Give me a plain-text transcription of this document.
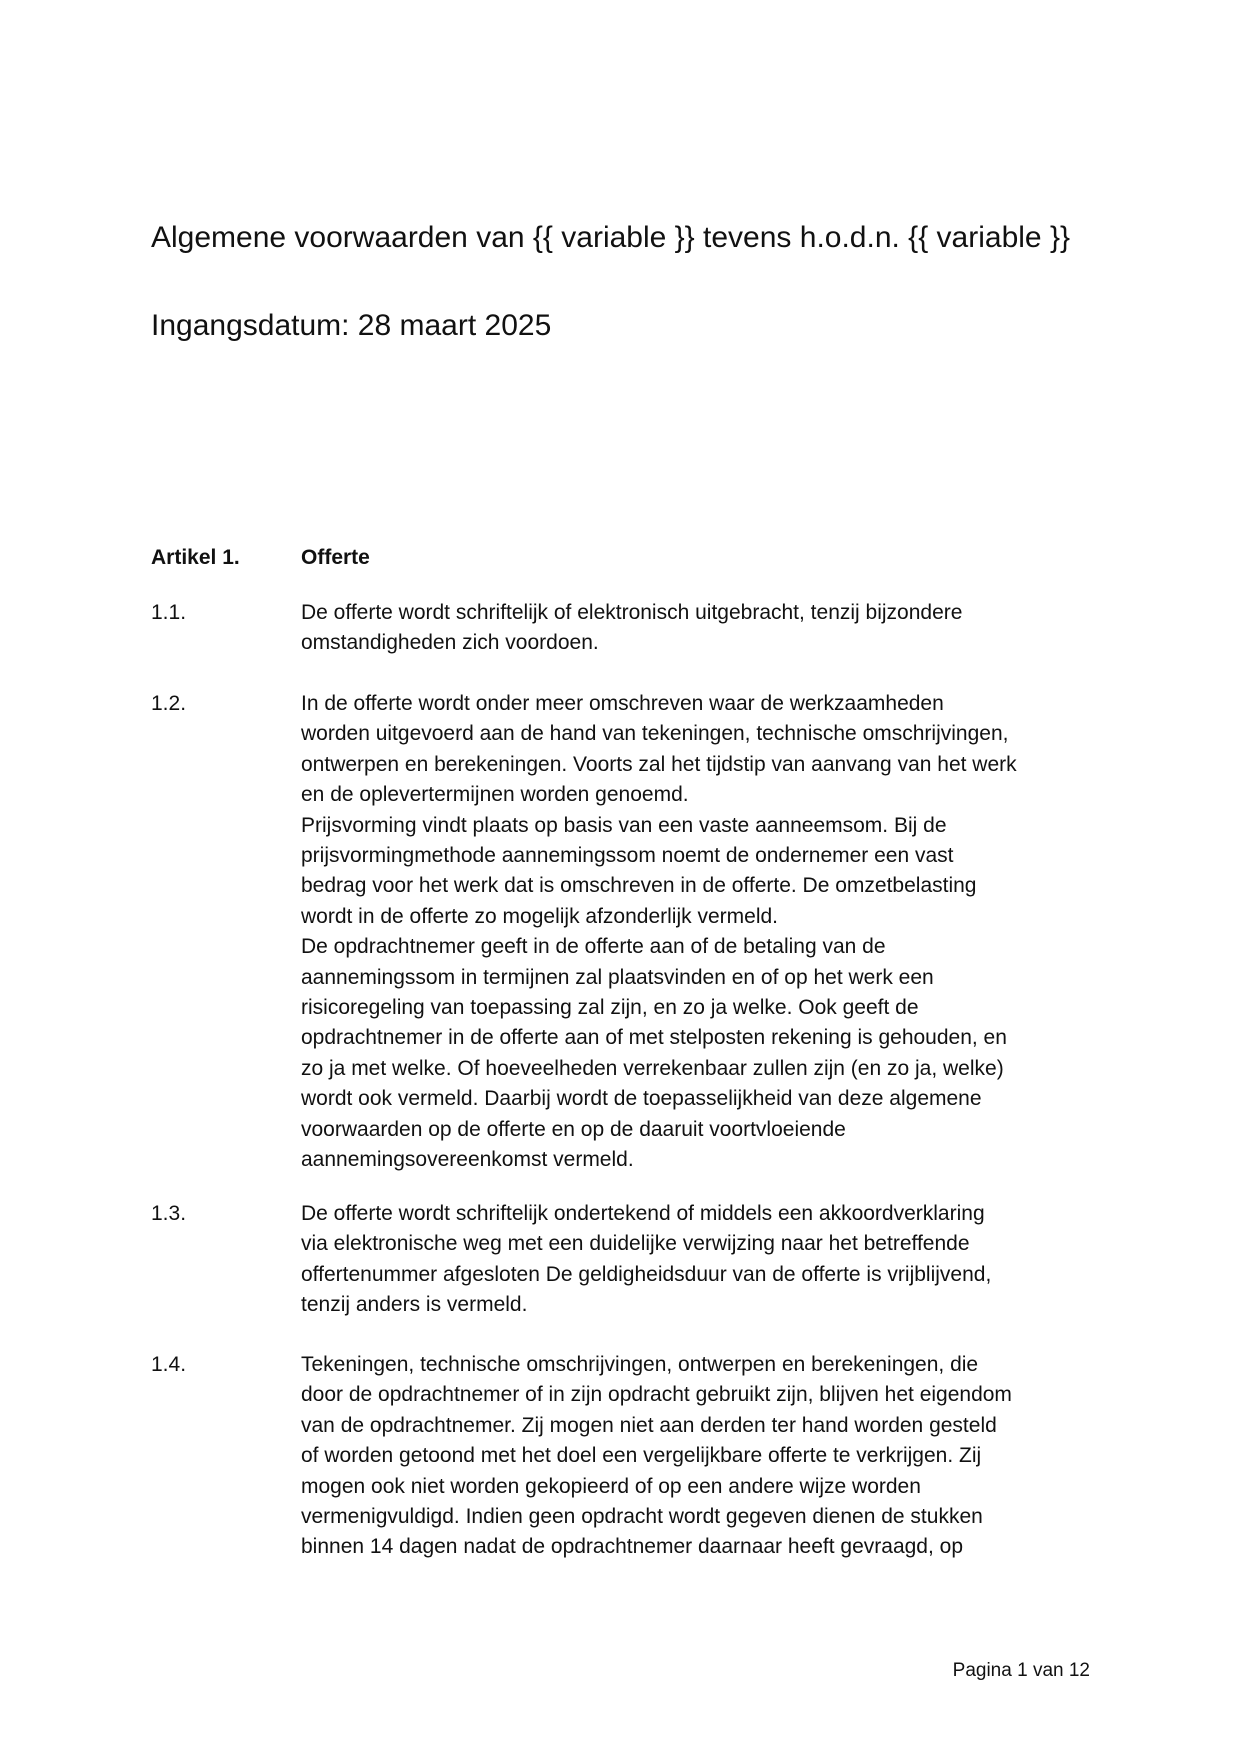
Algemene voorwaarden van {{ variable }} tevens h.o.d.n. {{ variable }}
Ingangsdatum: 28 maart 2025
Artikel 1.	Offerte
1.1.	De offerte wordt schriftelijk of elektronisch uitgebracht, tenzij bijzondere
omstandigheden zich voordoen.
1.2.	In de offerte wordt onder meer omschreven waar de werkzaamheden
worden uitgevoerd aan de hand van tekeningen, technische omschrijvingen,
ontwerpen en berekeningen. Voorts zal het tijdstip van aanvang van het werk
en de oplevertermijnen worden genoemd.
Prijsvorming vindt plaats op basis van een vaste aanneemsom. Bij de
prijsvormingmethode aannemingssom noemt de ondernemer een vast
bedrag voor het werk dat is omschreven in de offerte. De omzetbelasting
wordt in de offerte zo mogelijk afzonderlijk vermeld.
De opdrachtnemer geeft in de offerte aan of de betaling van de
aannemingssom in termijnen zal plaatsvinden en of op het werk een
risicoregeling van toepassing zal zijn, en zo ja welke. Ook geeft de
opdrachtnemer in de offerte aan of met stelposten rekening is gehouden, en
zo ja met welke. Of hoeveelheden verrekenbaar zullen zijn (en zo ja, welke)
wordt ook vermeld. Daarbij wordt de toepasselijkheid van deze algemene
voorwaarden op de offerte en op de daaruit voortvloeiende
aannemingsovereenkomst vermeld.
1.3.	De offerte wordt schriftelijk ondertekend of middels een akkoordverklaring
via elektronische weg met een duidelijke verwijzing naar het betreffende
offertenummer afgesloten De geldigheidsduur van de offerte is vrijblijvend,
tenzij anders is vermeld.
1.4.	Tekeningen, technische omschrijvingen, ontwerpen en berekeningen, die
door de opdrachtnemer of in zijn opdracht gebruikt zijn, blijven het eigendom
van de opdrachtnemer. Zij mogen niet aan derden ter hand worden gesteld
of worden getoond met het doel een vergelijkbare offerte te verkrijgen. Zij
mogen ook niet worden gekopieerd of op een andere wijze worden
vermenigvuldigd. Indien geen opdracht wordt gegeven dienen de stukken
binnen 14 dagen nadat de opdrachtnemer daarnaar heeft gevraagd, op
Pagina 1 van 12
